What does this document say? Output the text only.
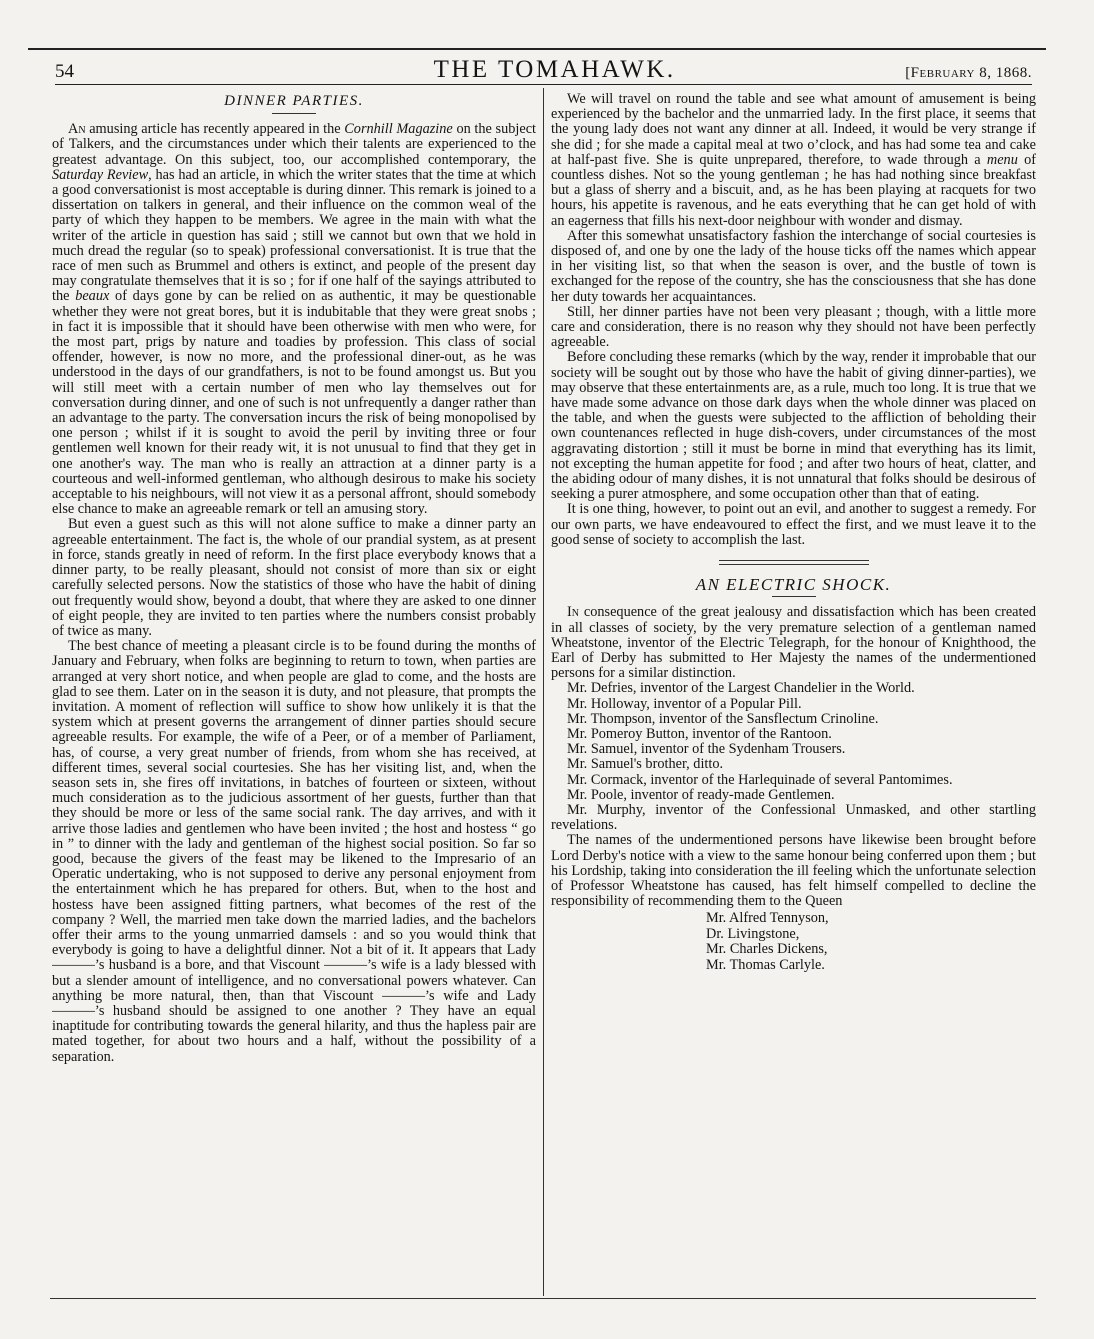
54	THE TOMAHAWK.	[February 8, 1868.
DINNER PARTIES.

An amusing article has recently appeared in the Cornhill Magazine on the subject of Talkers, and the circumstances under which their talents are experienced to the greatest advantage. On this subject, too, our accomplished contemporary, the Saturday Review, has had an article, in which the writer states that the time at which a good conversationist is most acceptable is during dinner. This remark is joined to a dissertation on talkers in general, and their influence on the common weal of the party of which they happen to be members. We agree in the main with what the writer of the article in question has said ; still we cannot but own that we hold in much dread the regular (so to speak) professional conversationist. It is true that the race of men such as Brummel and others is extinct, and people of the present day may congratulate themselves that it is so ; for if one half of the sayings attributed to the beaux of days gone by can be relied on as authentic, it may be questionable whether they were not great bores, but it is indubitable that they were great snobs ; in fact it is impossible that it should have been otherwise with men who were, for the most part, prigs by nature and toadies by profession. This class of social offender, however, is now no more, and the professional diner-out, as he was understood in the days of our grandfathers, is not to be found amongst us. But you will still meet with a certain number of men who lay themselves out for conversation during dinner, and one of such is not unfrequently a danger rather than an advantage to the party. The conversation incurs the risk of being monopolised by one person ; whilst if it is sought to avoid the peril by inviting three or four gentlemen well known for their ready wit, it is not unusual to find that they get in one another's way. The man who is really an attraction at a dinner party is a courteous and well-informed gentleman, who although desirous to make his society acceptable to his neighbours, will not view it as a personal affront, should somebody else chance to make an agreeable remark or tell an amusing story.

But even a guest such as this will not alone suffice to make a dinner party an agreeable entertainment. The fact is, the whole of our prandial system, as at present in force, stands greatly in need of reform. In the first place everybody knows that a dinner party, to be really pleasant, should not consist of more than six or eight carefully selected persons. Now the statistics of those who have the habit of dining out frequently would show, beyond a doubt, that where they are asked to one dinner of eight people, they are invited to ten parties where the numbers consist probably of twice as many.

The best chance of meeting a pleasant circle is to be found during the months of January and February, when folks are beginning to return to town, when parties are arranged at very short notice, and when people are glad to come, and the hosts are glad to see them. Later on in the season it is duty, and not pleasure, that prompts the invitation. A moment of reflection will suffice to show how unlikely it is that the system which at present governs the arrangement of dinner parties should secure agreeable results. For example, the wife of a Peer, or of a member of Parliament, has, of course, a very great number of friends, from whom she has received, at different times, several social courtesies. She has her visiting list, and, when the season sets in, she fires off invitations, in batches of fourteen or sixteen, without much consideration as to the judicious assortment of her guests, further than that they should be more or less of the same social rank. The day arrives, and with it arrive those ladies and gentlemen who have been invited ; the host and hostess “ go in ” to dinner with the lady and gentleman of the highest social position. So far so good, because the givers of the feast may be likened to the Impresario of an Operatic undertaking, who is not supposed to derive any personal enjoyment from the entertainment which he has prepared for others. But, when to the host and hostess have been assigned fitting partners, what becomes of the rest of the company ? Well, the married men take down the married ladies, and the bachelors offer their arms to the young unmarried damsels : and so you would think that everybody is going to have a delightful dinner. Not a bit of it. It appears that Lady ———’s husband is a bore, and that Viscount ———’s wife is a lady blessed with but a slender amount of intelligence, and no conversational powers whatever. Can anything be more natural, then, than that Viscount ———’s wife and Lady ———’s husband should be assigned to one another ? They have an equal inaptitude for contributing towards the general hilarity, and thus the hapless pair are mated together, for about two hours and a half, without the possibility of a separation.

We will travel on round the table and see what amount of amusement is being experienced by the bachelor and the unmarried lady. In the first place, it seems that the young lady does not want any dinner at all. Indeed, it would be very strange if she did ; for she made a capital meal at two o’clock, and has had some tea and cake at half-past five. She is quite unprepared, therefore, to wade through a menu of countless dishes. Not so the young gentleman ; he has had nothing since breakfast but a glass of sherry and a biscuit, and, as he has been playing at racquets for two hours, his appetite is ravenous, and he eats everything that he can get hold of with an eagerness that fills his next-door neighbour with wonder and dismay.

After this somewhat unsatisfactory fashion the interchange of social courtesies is disposed of, and one by one the lady of the house ticks off the names which appear in her visiting list, so that when the season is over, and the bustle of town is exchanged for the repose of the country, she has the consciousness that she has done her duty towards her acquaintances.

Still, her dinner parties have not been very pleasant ; though, with a little more care and consideration, there is no reason why they should not have been perfectly agreeable.

Before concluding these remarks (which by the way, render it improbable that our society will be sought out by those who have the habit of giving dinner-parties), we may observe that these entertainments are, as a rule, much too long. It is true that we have made some advance on those dark days when the whole dinner was placed on the table, and when the guests were subjected to the affliction of beholding their own countenances reflected in huge dish-covers, under circumstances of the most aggravating distortion ; still it must be borne in mind that everything has its limit, not excepting the human appetite for food ; and after two hours of heat, clatter, and the abiding odour of many dishes, it is not unnatural that folks should be desirous of seeking a purer atmosphere, and some occupation other than that of eating.

It is one thing, however, to point out an evil, and another to suggest a remedy. For our own parts, we have endeavoured to effect the first, and we must leave it to the good sense of society to accomplish the last.

AN ELECTRIC SHOCK.

In consequence of the great jealousy and dissatisfaction which has been created in all classes of society, by the very premature selection of a gentleman named Wheatstone, inventor of the Electric Telegraph, for the honour of Knighthood, the Earl of Derby has submitted to Her Majesty the names of the undermentioned persons for a similar distinction.

Mr. Defries, inventor of the Largest Chandelier in the World.

Mr. Holloway, inventor of a Popular Pill.

Mr. Thompson, inventor of the Sansflectum Crinoline.

Mr. Pomeroy Button, inventor of the Rantoon.

Mr. Samuel, inventor of the Sydenham Trousers.

Mr. Samuel's brother, ditto.

Mr. Cormack, inventor of the Harlequinade of several Pantomimes.

Mr. Poole, inventor of ready-made Gentlemen.

Mr. Murphy, inventor of the Confessional Unmasked, and other startling revelations.

The names of the undermentioned persons have likewise been brought before Lord Derby's notice with a view to the same honour being conferred upon them ; but his Lordship, taking into consideration the ill feeling which the unfortunate selection of Professor Wheatstone has caused, has felt himself compelled to decline the responsibility of recommending them to the Queen

Mr. Alfred Tennyson,
Dr. Livingstone,
Mr. Charles Dickens,
Mr. Thomas Carlyle.
